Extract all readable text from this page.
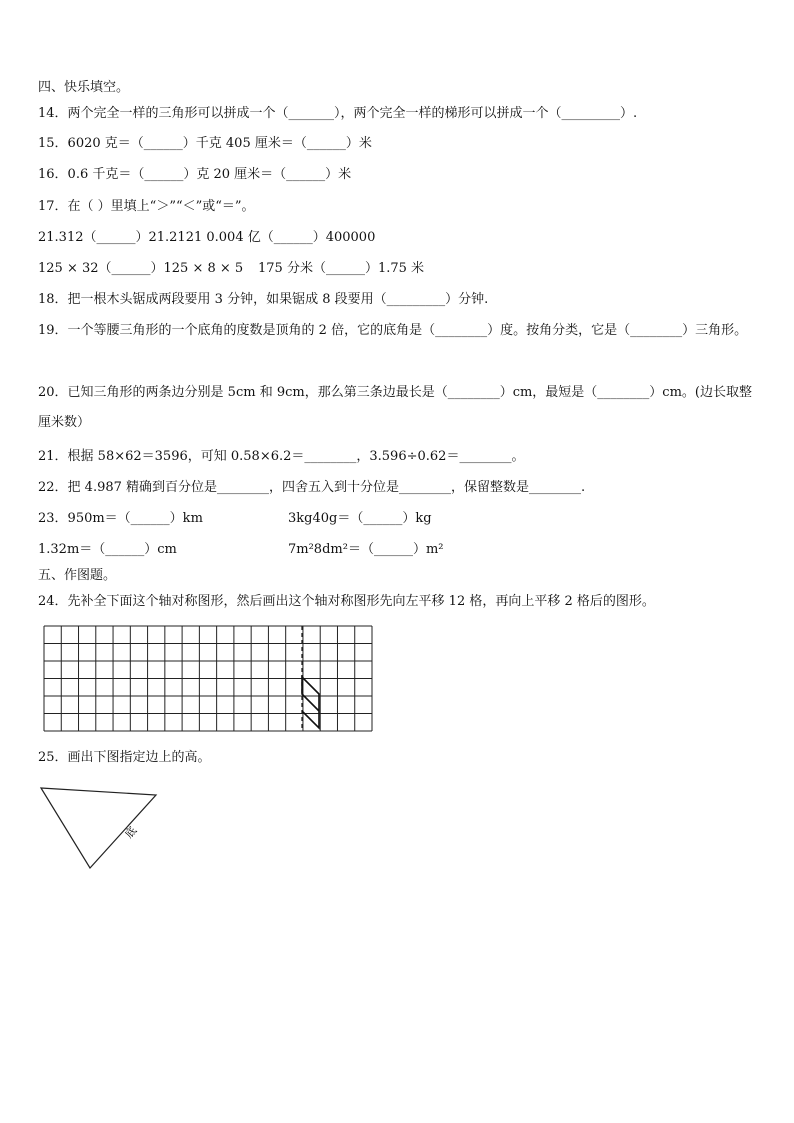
四、快乐填空。
14．两个完全一样的三角形可以拼成一个（_______），两个完全一样的梯形可以拼成一个（_________）.
15．6020 克＝（______）千克 405 厘米＝（______）米
16．0.6 千克＝（______）克 20 厘米＝（______）米
17．在（ ）里填上“＞”“＜”或“＝”。
21.312（______）21.2121 0.004 亿（______）400000
125 × 32（______）125 × 8 × 5 175 分米（______）1.75 米
18．把一根木头锯成两段要用 3 分钟，如果锯成 8 段要用（_________）分钟.
19．一个等腰三角形的一个底角的度数是顶角的 2 倍，它的底角是（________）度。按角分类，它是（________）三角形。
20．已知三角形的两条边分别是 5cm 和 9cm，那么第三条边最长是（________）cm，最短是（________）cm。(边长取整厘米数）
21．根据 58×62＝3596，可知 0.58×6.2＝________，3.596÷0.62＝________。
22．把 4.987 精确到百分位是________，四舍五入到十分位是________，保留整数是________.
23．950m＝（______）km	3kg40g＝（______）kg
1.32m＝（______）cm	7m²8dm²＝（______）m²
五、作图题。
24．先补全下面这个轴对称图形，然后画出这个轴对称图形先向左平移 12 格，再向上平移 2 格后的图形。
25．画出下图指定边上的高。
底
